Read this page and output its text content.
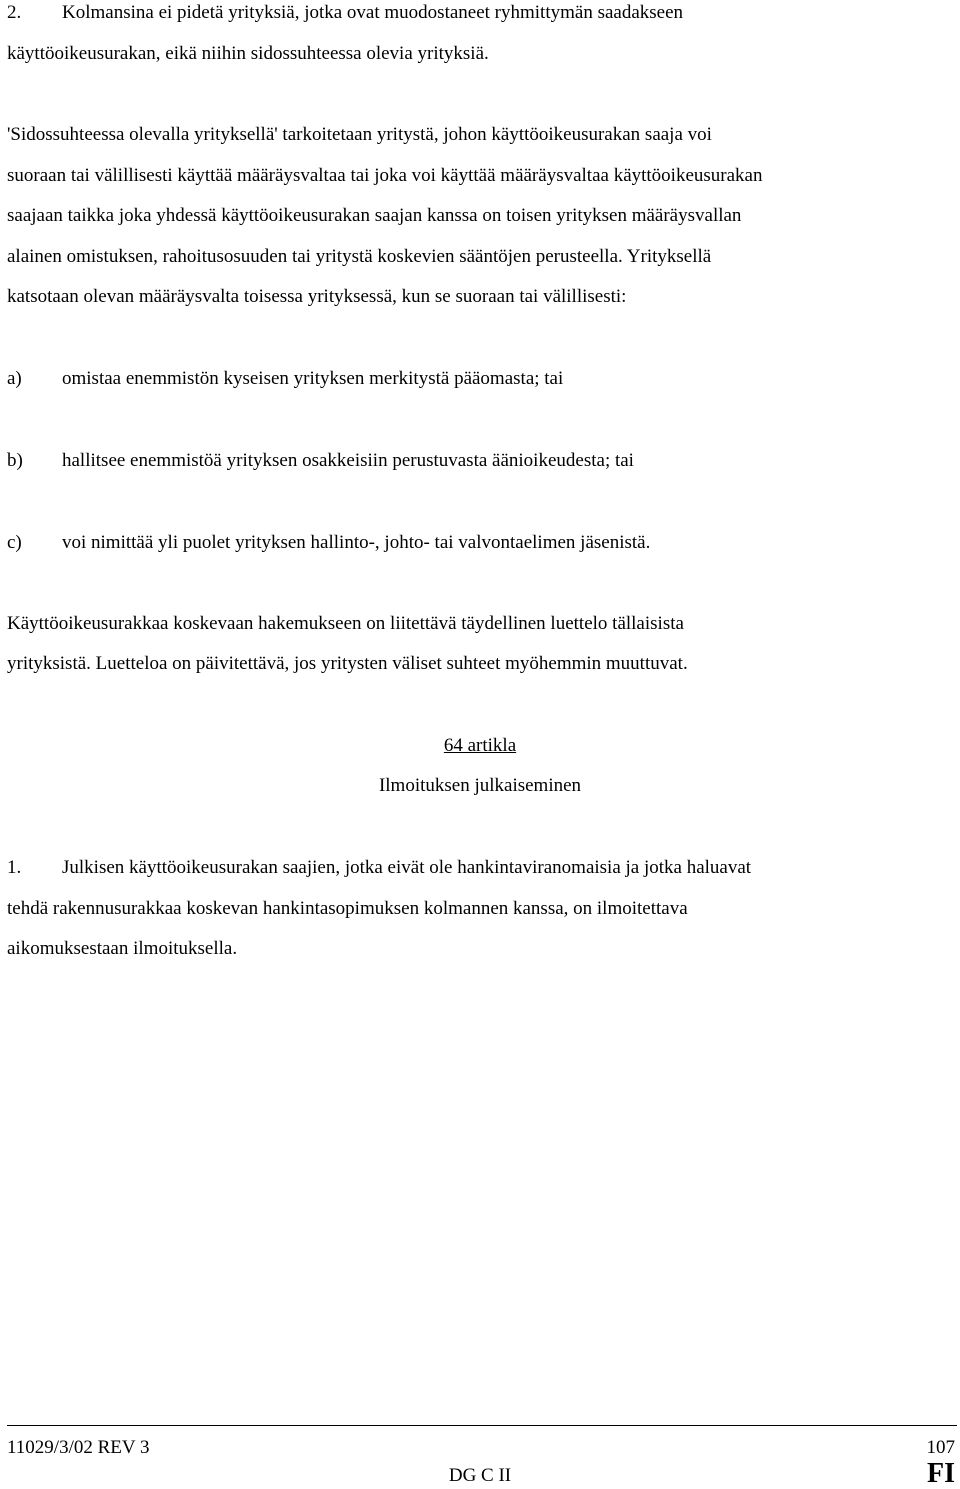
2. Kolmansina ei pidetä yrityksiä, jotka ovat muodostaneet ryhmittymän saadakseen
käyttöoikeusurakan, eikä niihin sidossuhteessa olevia yrityksiä.
'Sidossuhteessa olevalla yrityksellä' tarkoitetaan yritystä, johon käyttöoikeusurakan saaja voi
suoraan tai välillisesti käyttää määräysvaltaa tai joka voi käyttää määräysvaltaa käyttöoikeusurakan
saajaan taikka joka yhdessä käyttöoikeusurakan saajan kanssa on toisen yrityksen määräysvallan
alainen omistuksen, rahoitusosuuden tai yritystä koskevien sääntöjen perusteella. Yrityksellä
katsotaan olevan määräysvalta toisessa yrityksessä, kun se suoraan tai välillisesti:
a) omistaa enemmistön kyseisen yrityksen merkitystä pääomasta; tai
b) hallitsee enemmistöä yrityksen osakkeisiin perustuvasta äänioikeudesta; tai
c) voi nimittää yli puolet yrityksen hallinto-, johto- tai valvontaelimen jäsenistä.
Käyttöoikeusurakkaa koskevaan hakemukseen on liitettävä täydellinen luettelo tällaisista
yrityksistä. Luetteloa on päivitettävä, jos yritysten väliset suhteet myöhemmin muuttuvat.
64 artikla
Ilmoituksen julkaiseminen
1. Julkisen käyttöoikeusurakan saajien, jotka eivät ole hankintaviranomaisia ja jotka haluavat
tehdä rakennusurakkaa koskevan hankintasopimuksen kolmannen kanssa, on ilmoitettava
aikomuksestaan ilmoituksella.
11029/3/02 REV 3
DG C II
107
FI
